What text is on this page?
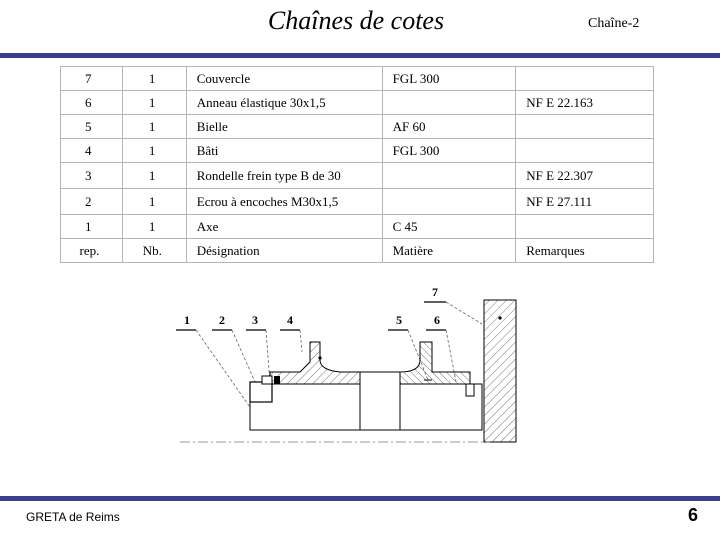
Chaînes de cotes	Chaîne-2
7	1	Couvercle	FGL 300	
6	1	Anneau élastique 30x1,5		NF E 22.163
5	1	Bielle	AF 60	
4	1	Bâti	FGL 300	
3	1	Rondelle frein type B de 30		NF E 22.307
2	1	Ecrou à encoches M30x1,5		NF E 27.111
1	1	Axe	C 45	
rep.	Nb.	Désignation	Matière	Remarques
1 2 3 4	5	6
7
GRETA de Reims	6
